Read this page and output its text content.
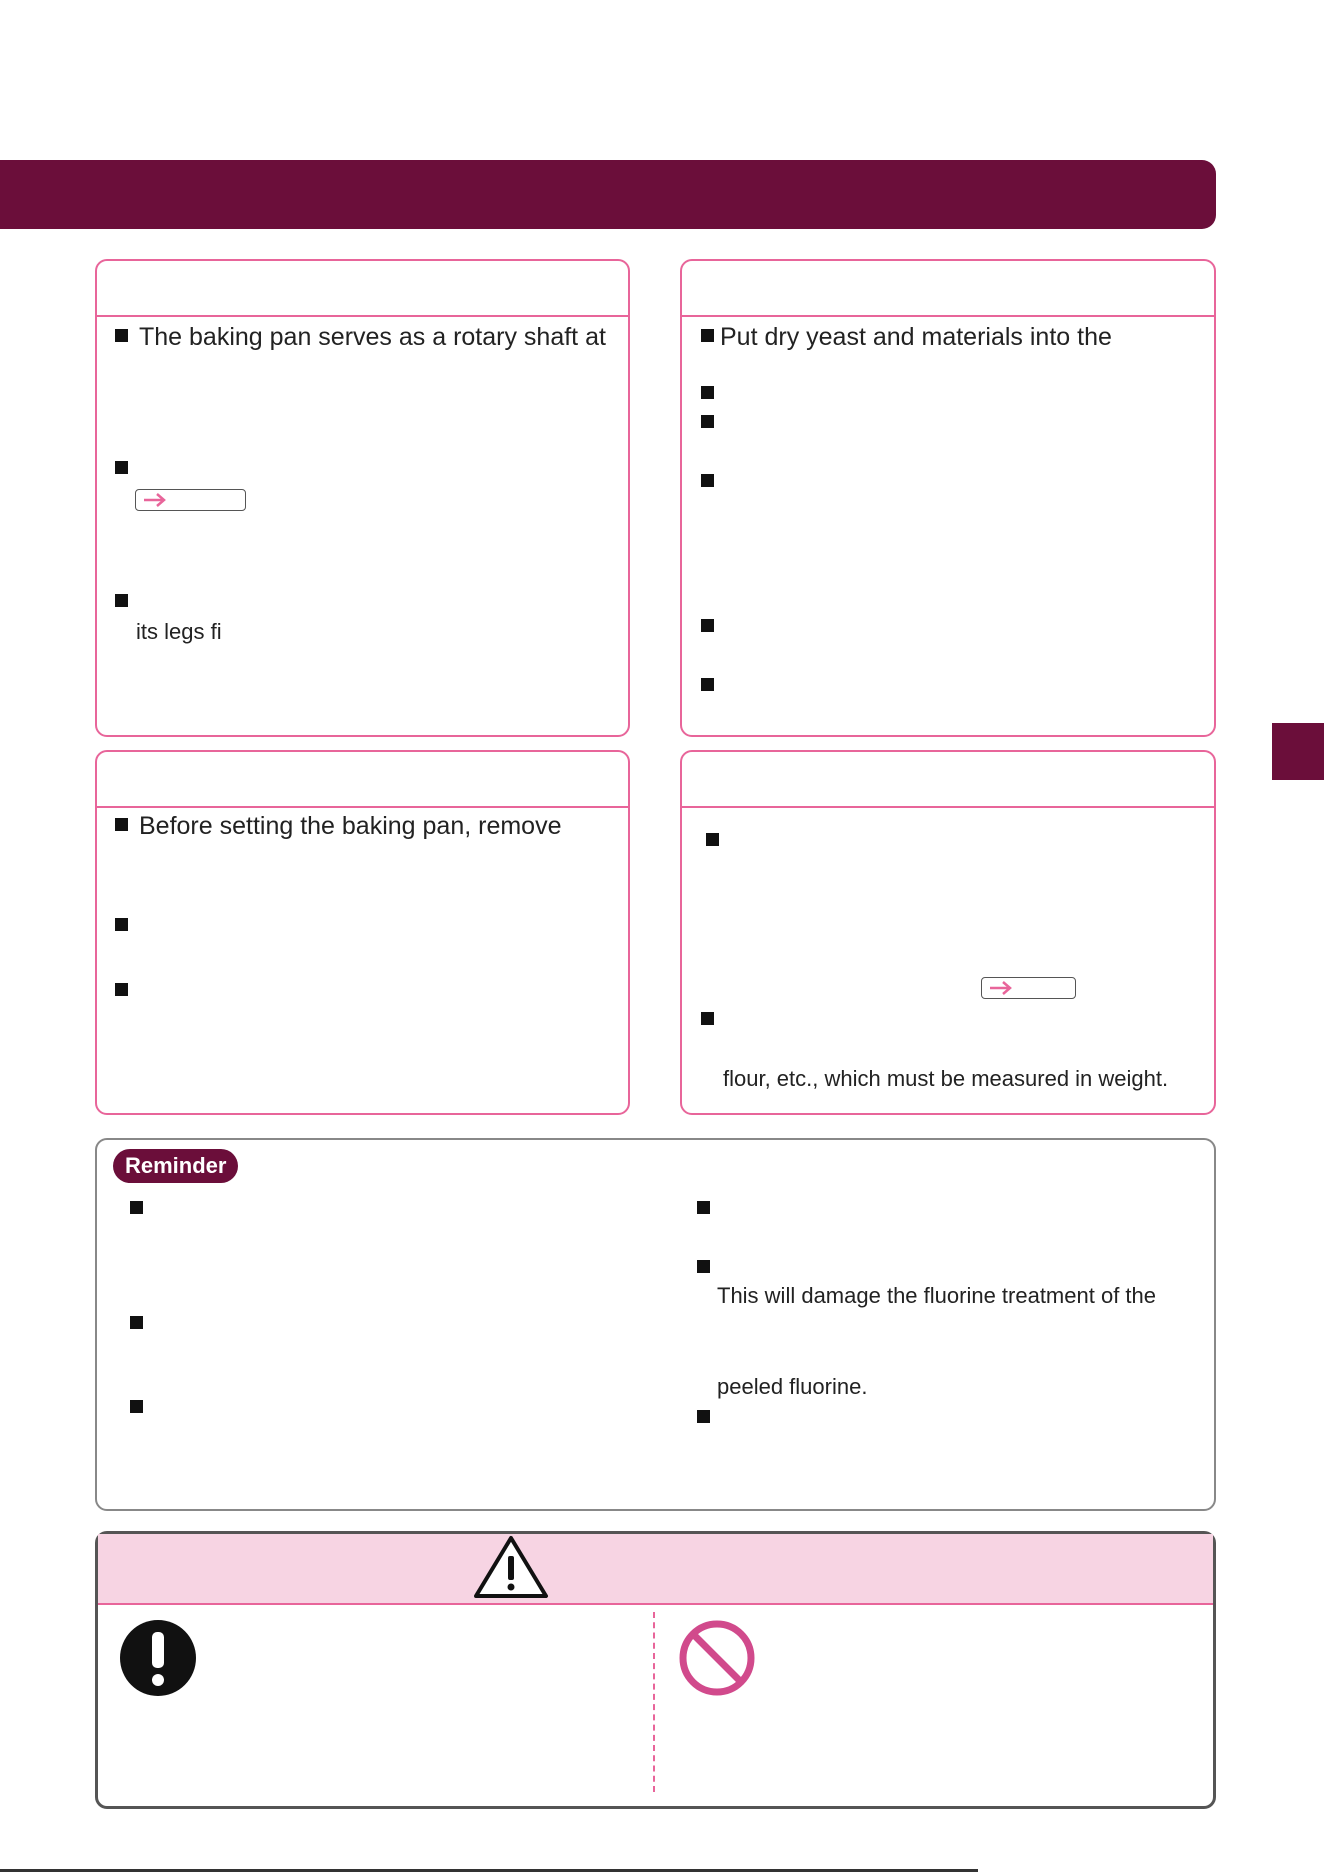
its legs fi
flour, etc., which must be measured in weight.
Reminder
This will damage the fluorine treatment of the
peeled fluorine.
